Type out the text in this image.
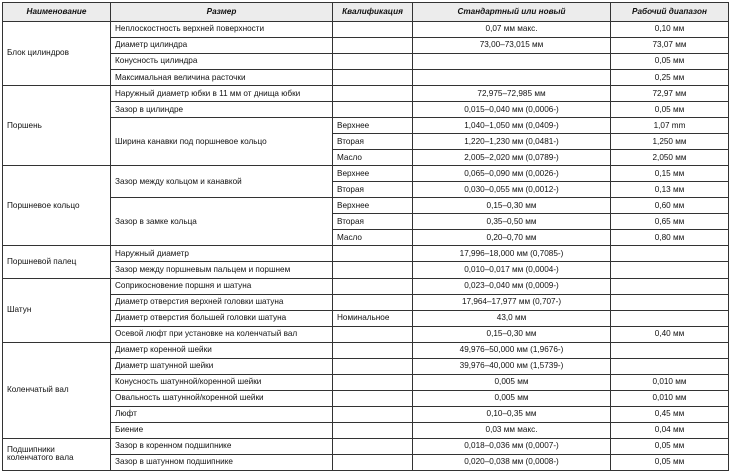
Наименование	Размер	Квалификация	Стандартный или новый	Рабочий диапазон
Блок цилиндров	Неплоскостность верхней поверхности		0,07 мм макс.	0,10 мм
	Диаметр цилиндра		73,00–73,015 мм	73,07 мм
	Конусность цилиндра			0,05 мм
	Максимальная величина расточки			0,25 мм
Поршень	Наружный диаметр юбки в 11 мм от днища юбки		72,975–72,985 мм	72,97 мм
	Зазор в цилиндре		0,015–0,040 мм (0,0006-)	0,05 мм
	Ширина канавки под поршневое кольцо	Верхнее	1,040–1,050 мм (0,0409-)	1,07 mm
		Вторая	1,220–1,230 мм (0,0481-)	1,250 мм
		Масло	2,005–2,020 мм (0,0789-)	2,050 мм
Поршневое кольцо	Зазор между кольцом и канавкой	Верхнее	0,065–0,090 мм (0,0026-)	0,15 мм
		Вторая	0,030–0,055 мм (0,0012-)	0,13 мм
	Зазор в замке кольца	Верхнее	0,15–0,30 мм	0,60 мм
		Вторая	0,35–0,50 мм	0,65 мм
		Масло	0,20–0,70 мм	0,80 мм
Поршневой палец	Наружный диаметр		17,996–18,000 мм (0,7085-)	
	Зазор между поршневым пальцем и поршнем		0,010–0,017 мм (0,0004-)	
Шатун	Соприкосновение поршня и шатуна		0,023–0,040 мм (0,0009-)	
	Диаметр отверстия верхней головки шатуна		17,964–17,977 мм (0,707-)	
	Диаметр отверстия большей головки шатуна	Номинальное	43,0 мм	
	Осевой люфт при установке на коленчатый вал		0,15–0,30 мм	0,40 мм
Коленчатый вал	Диаметр коренной шейки		49,976–50,000 мм (1,9676-)	
	Диаметр шатунной шейки		39,976–40,000 мм (1,5739-)	
	Конусность шатунной/коренной шейки		0,005 мм	0,010 мм
	Овальность шатунной/коренной шейки		0,005 мм	0,010 мм
	Люфт		0,10–0,35 мм	0,45 мм
	Биение		0,03 мм макс.	0,04 мм
Подшипники
коленчатого вала	Зазор в коренном подшипнике		0,018–0,036 мм (0,0007-)	0,05 мм
	Зазор в шатунном подшипнике		0,020–0,038 мм (0,0008-)	0,05 мм
